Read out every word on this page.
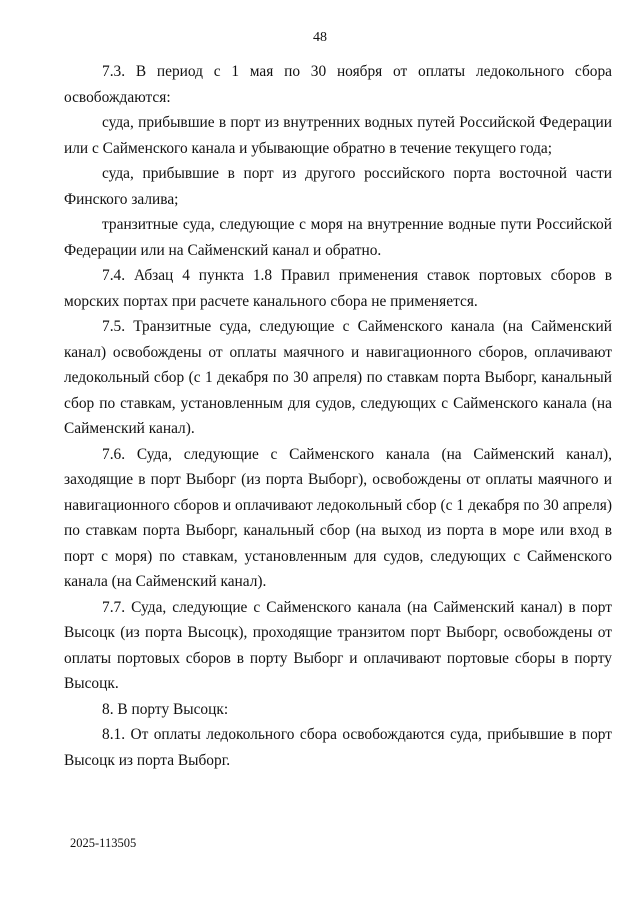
48

7.3. В период с 1 мая по 30 ноября от оплаты ледокольного сбора освобождаются:

суда, прибывшие в порт из внутренних водных путей Российской Федерации или с Сайменского канала и убывающие обратно в течение текущего года;

суда, прибывшие в порт из другого российского порта восточной части Финского залива;

транзитные суда, следующие с моря на внутренние водные пути Российской Федерации или на Сайменский канал и обратно.

7.4. Абзац 4 пункта 1.8 Правил применения ставок портовых сборов в морских портах при расчете канального сбора не применяется.

7.5. Транзитные суда, следующие с Сайменского канала (на Сайменский канал) освобождены от оплаты маячного и навигационного сборов, оплачивают ледокольный сбор (с 1 декабря по 30 апреля) по ставкам порта Выборг, канальный сбор по ставкам, установленным для судов, следующих с Сайменского канала (на Сайменский канал).

7.6. Суда, следующие с Сайменского канала (на Сайменский канал), заходящие в порт Выборг (из порта Выборг), освобождены от оплаты маячного и навигационного сборов и оплачивают ледокольный сбор (с 1 декабря по 30 апреля) по ставкам порта Выборг, канальный сбор (на выход из порта в море или вход в порт с моря) по ставкам, установленным для судов, следующих с Сайменского канала (на Сайменский канал).

7.7. Суда, следующие с Сайменского канала (на Сайменский канал) в порт Высоцк (из порта Высоцк), проходящие транзитом порт Выборг, освобождены от оплаты портовых сборов в порту Выборг и оплачивают портовые сборы в порту Высоцк.

8. В порту Высоцк:

8.1. От оплаты ледокольного сбора освобождаются суда, прибывшие в порт Высоцк из порта Выборг.

2025-113505
